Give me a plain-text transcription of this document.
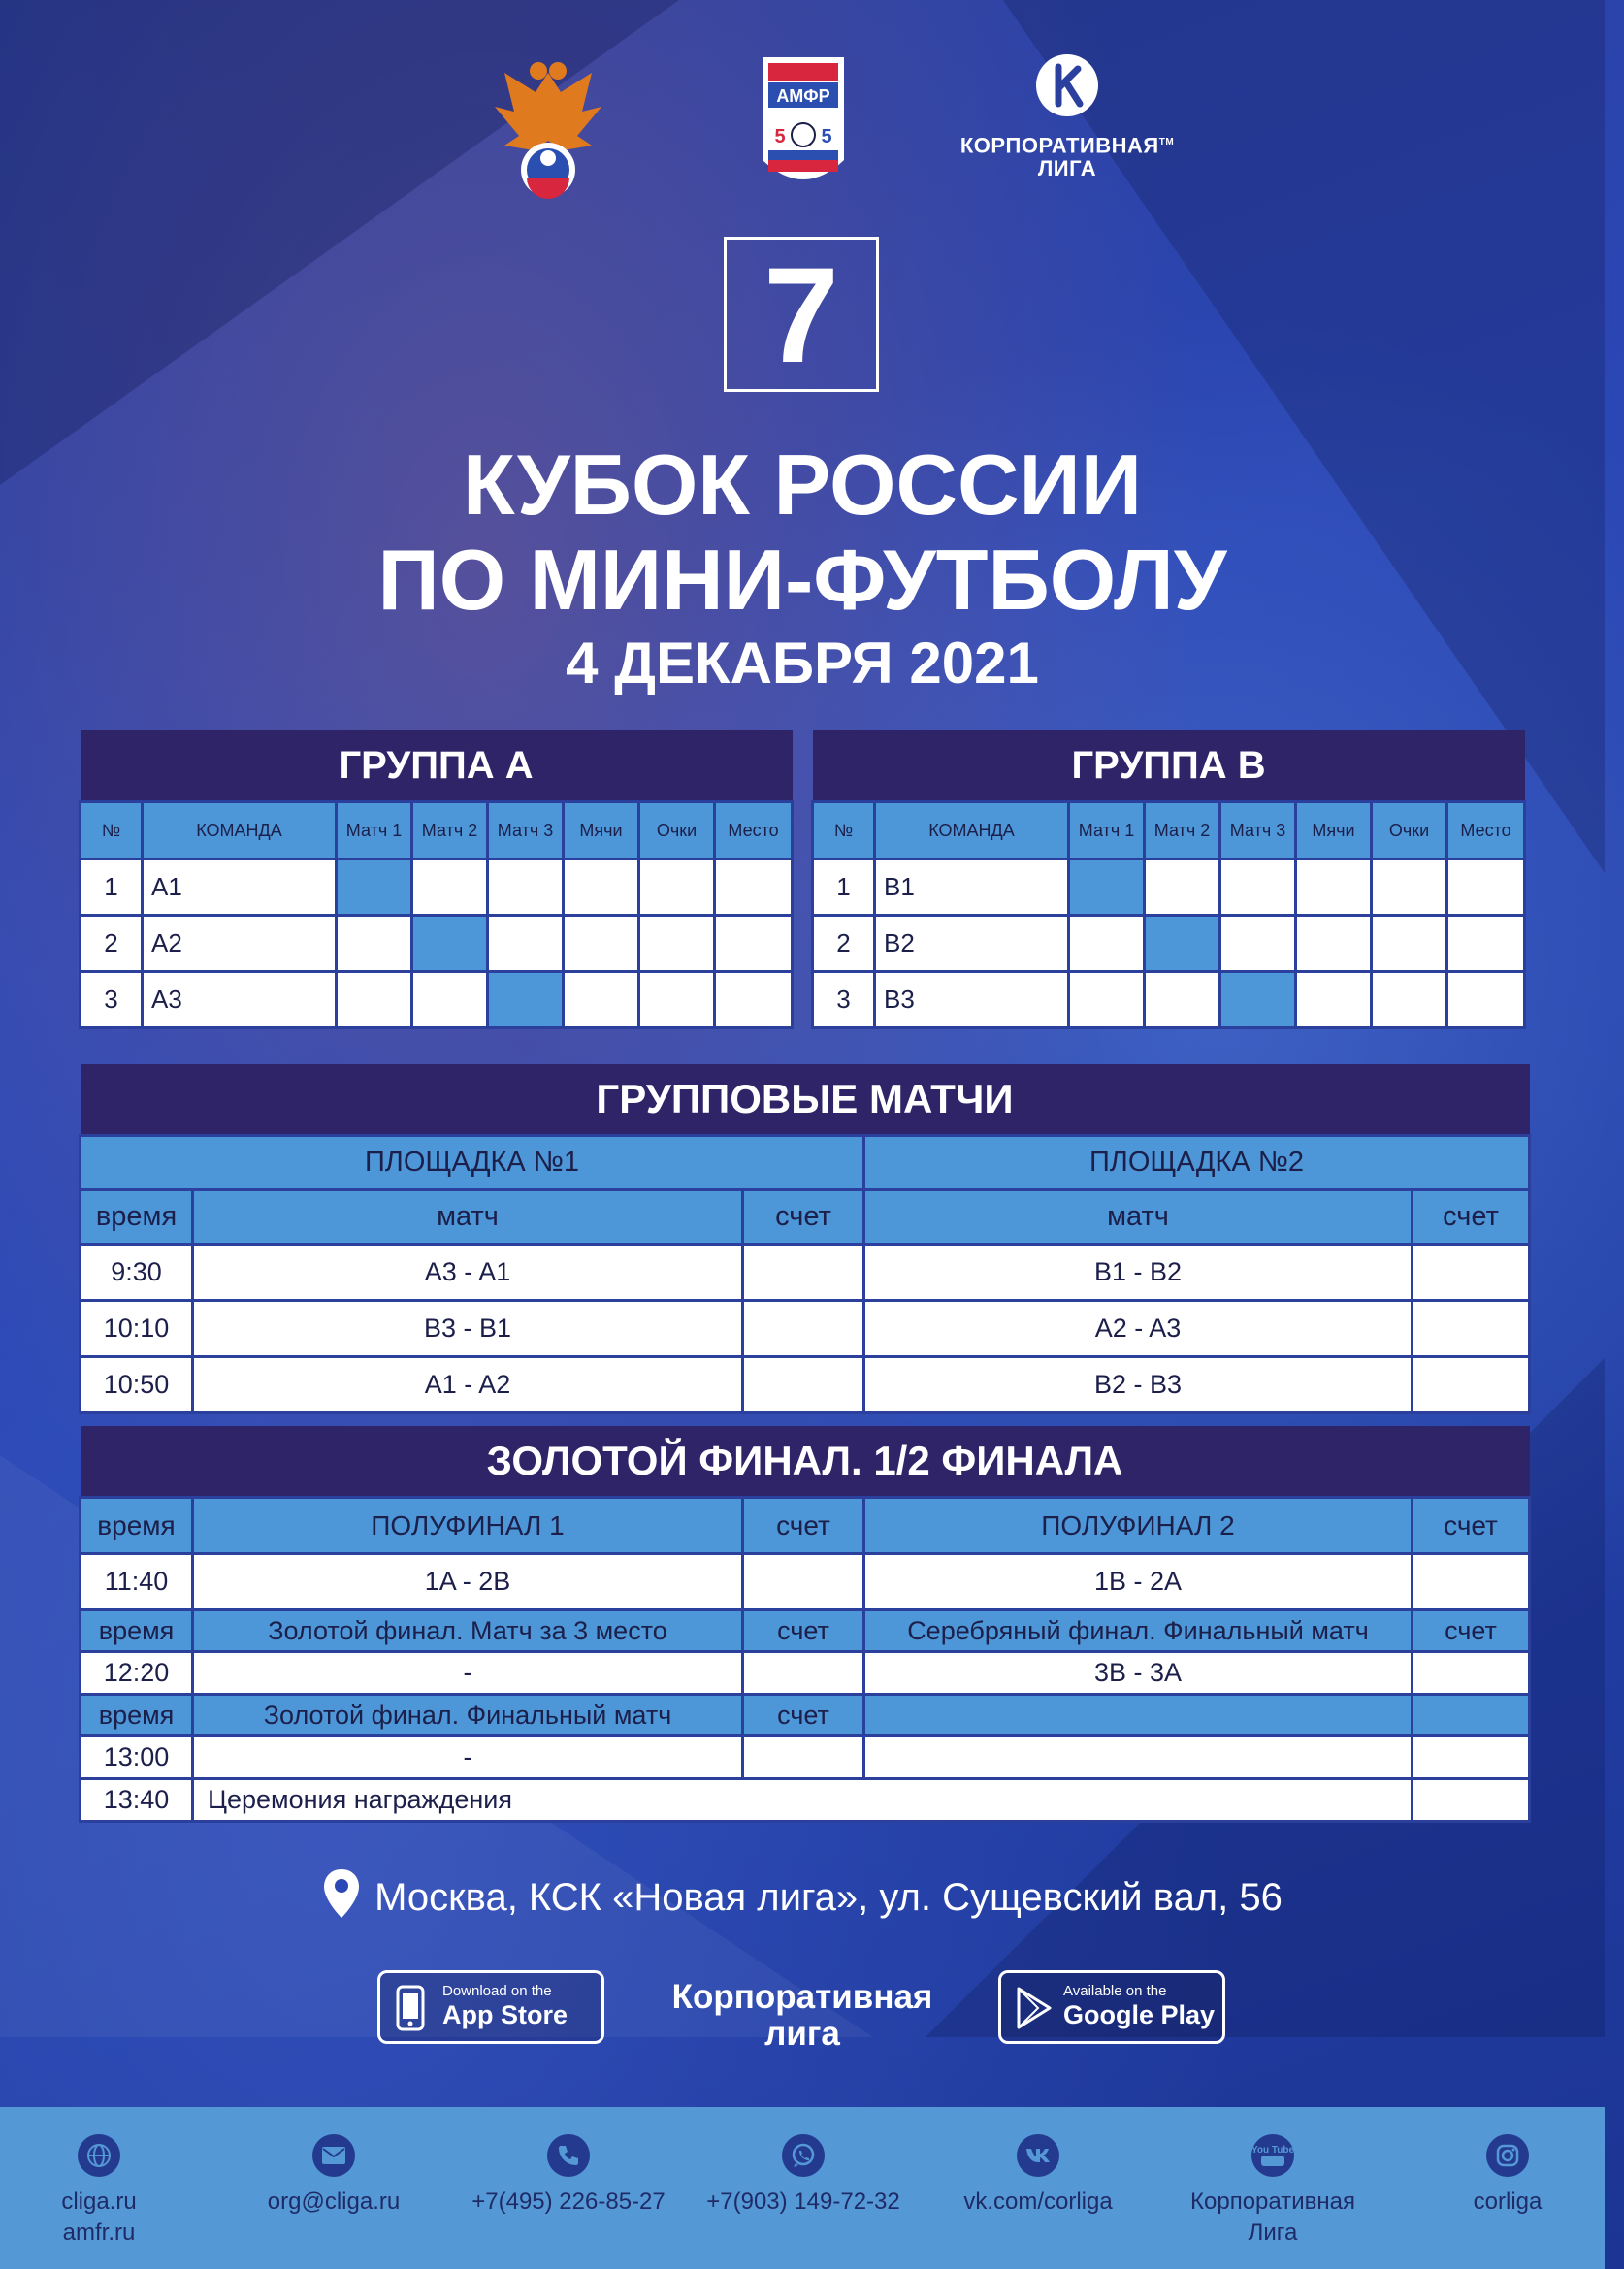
АМФР
5 5	КОРПОРАТИВНАЯ™
ЛИГА
7
КУБОК РОССИИ
ПО МИНИ-ФУТБОЛУ
4 ДЕКАБРЯ 2021
ГРУППА А							
№	КОМАНДА	Матч 1	Матч 2	Матч 3	Мячи	Очки	Место
1	A1						
2	A2						
3	A3						
ГРУППА В							
№	КОМАНДА	Матч 1	Матч 2	Матч 3	Мячи	Очки	Место
1	B1						
2	B2						
3	B3						
ГРУППОВЫЕ МАТЧИ				
ПЛОЩАДКА №1			ПЛОЩАДКА №2	
время	матч	счет	матч	счет
9:30	A3 - A1		B1 - B2	
10:10	B3 - B1		A2 - A3	
10:50	A1 - A2		B2 - B3	
ЗОЛОТОЙ ФИНАЛ. 1/2 ФИНАЛА				
время	ПОЛУФИНАЛ 1	счет	ПОЛУФИНАЛ 2	счет
11:40	1A - 2B		1B - 2A	
время	Золотой финал. Матч за 3 место	счет	Серебряный финал. Финальный матч	счет
12:20	-		3B - 3A	
время	Золотой финал. Финальный матч	счет		
13:00	-			
13:40	Церемония награждения			
Москва, КСК «Новая лига», ул. Сущевский вал, 56
Download on the
App Store	Корпоративная
лига
Available on the
Google Play
cliga.ru
amfr.ru
org@cliga.ru	+7(495) 226-85-27	+7(903) 149-72-32	vk.com/corliga
You Tube
Корпоративная
Лига
corliga
